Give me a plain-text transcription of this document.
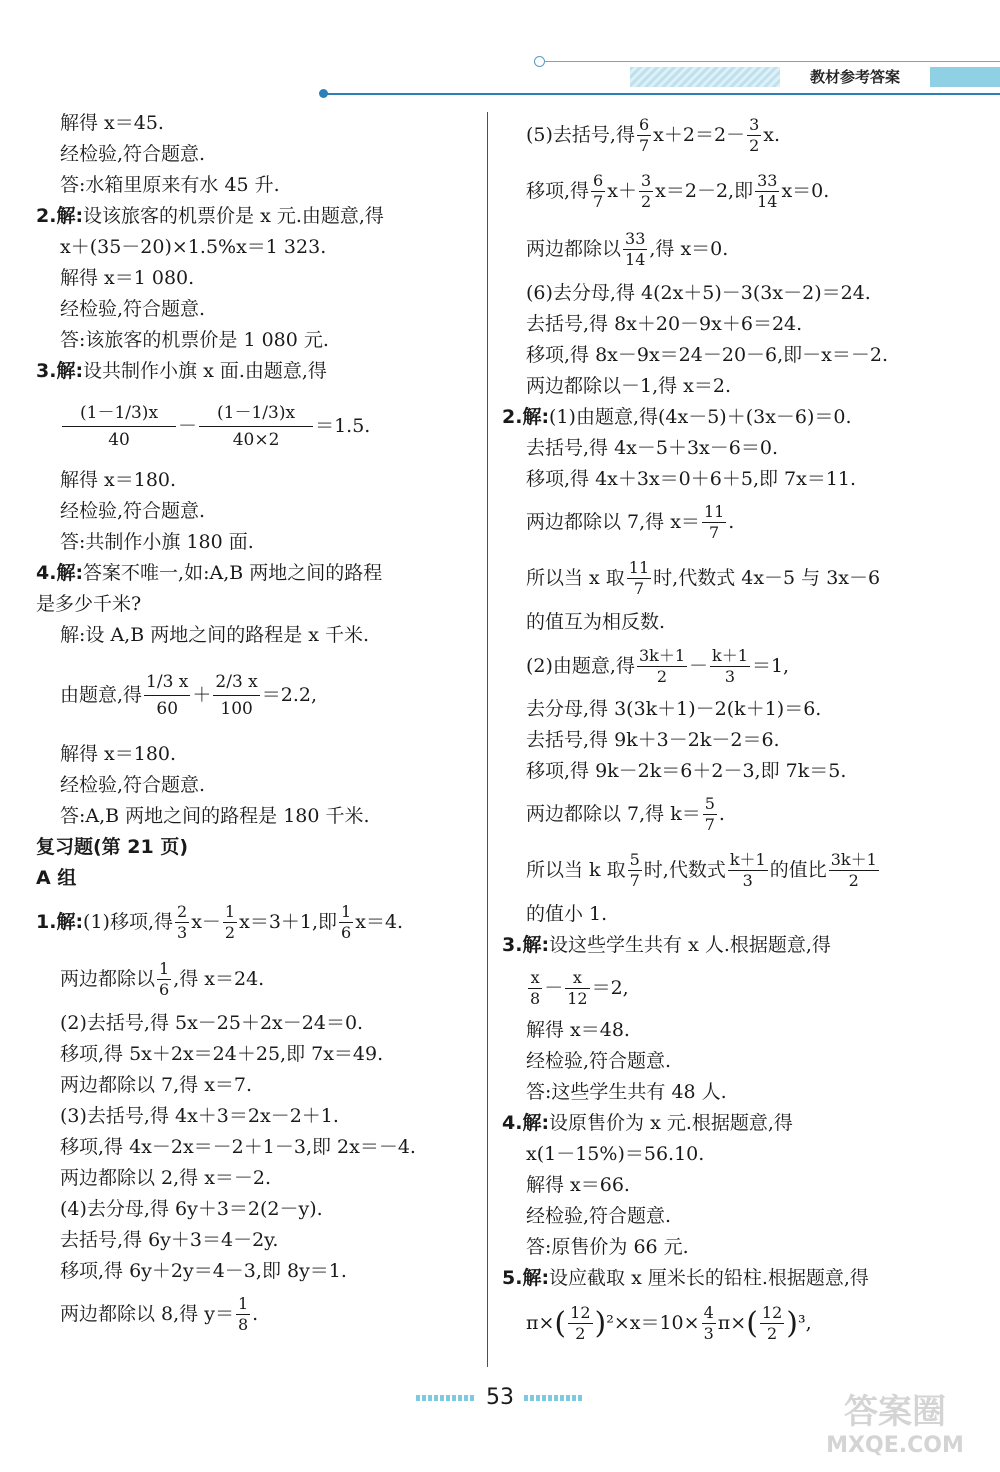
教材参考答案
解得 x＝45.
经检验,符合题意.
答:水箱里原来有水 45 升.
2.解:设该旅客的机票价是 x 元.由题意,得
x＋(35－20)×1.5%x＝1 323.
解得 x＝1 080.
经检验,符合题意.
答:该旅客的机票价是 1 080 元.
3.解:设共制作小旗 x 面.由题意,得
$\frac{(1-1/3)x}{40} - \frac{(1-1/3)x}{40\times 2} =1.5$.
解得 x＝180.
经检验,符合题意.
答:共制作小旗 180 面.
4.解:答案不唯一,如:A,B 两地之间的路程
是多少千米?
解:设 A,B 两地之间的路程是 x 千米.
由题意,得 $\frac{1/3 x}{60} + \frac{2/3 x}{100} =2.2$,
解得 x＝180.
经检验,符合题意.
答:A,B 两地之间的路程是 180 千米.
复习题(第 21 页)
A 组
1.解: (1)移项,得 $\frac{2}{3} x- \frac{1}{2} x=3+1$,即 $\frac{1}{6} x=4$.
两边都除以 $\frac{1}{6}$ ,得 x＝24.
(2)去括号,得 5x－25＋2x－24＝0.
移项,得 5x＋2x＝24＋25,即 7x＝49.
两边都除以 7,得 x＝7.
(3)去括号,得 4x＋3＝2x－2＋1.
移项,得 4x－2x＝－2＋1－3,即 2x＝－4.
两边都除以 2,得 x＝－2.
(4)去分母,得 6y＋3＝2(2－y).
去括号,得 6y＋3＝4－2y.
移项,得 6y＋2y＝4－3,即 8y＝1.
两边都除以 8,得 $y= \frac{1}{8}$ .
(5)去括号,得 $\frac{6}{7} x+2=2- \frac{3}{2} x$.
移项,得 $\frac{6}{7} x+ \frac{3}{2} x=2-2$,即 $\frac{33}{14} x=0$.
两边都除以 $\frac{33}{14}$ ,得 x＝0.
(6)去分母,得 4(2x＋5)－3(3x－2)＝24.
去括号,得 8x＋20－9x＋6＝24.
移项,得 8x－9x＝24－20－6,即－x＝－2.
两边都除以－1,得 x＝2.
2.解:(1)由题意,得(4x－5)＋(3x－6)＝0.
去括号,得 4x－5＋3x－6＝0.
移项,得 4x＋3x＝0＋6＋5,即 7x＝11.
两边都除以 7,得 $x= \frac{11}{7}$ .
所以当 x 取 $\frac{11}{7}$ 时,代数式 4x－5 与 3x－6
的值互为相反数.
(2)由题意,得 $\frac{3k+1}{2} - \frac{k+1}{3} =1$,
去分母,得 3(3k＋1)－2(k＋1)＝6.
去括号,得 9k＋3－2k－2＝6.
移项,得 9k－2k＝6＋2－3,即 7k＝5.
两边都除以 7,得 $k= \frac{5}{7}$ .
所以当 k 取 $\frac{5}{7}$ 时,代数式 $\frac{k+1}{3}$ 的值比 $\frac{3k+1}{2}$
的值小 1.
3.解:设这些学生共有 x 人.根据题意,得
$\frac{x}{8} - \frac{x}{12} =2$,
解得 x＝48.
经检验,符合题意.
答:这些学生共有 48 人.
4.解:设原售价为 x 元.根据题意,得
x(1－15%)＝56.10.
解得 x＝66.
经检验,符合题意.
答:原售价为 66 元.
5.解:设应截取 x 厘米长的铅柱.根据题意,得
π× ( $\frac{12}{2}$ ) $^2\times x=10\times \frac{4}{3} \pi\times$ ( $\frac{12}{2}$ ) ³,
53	答案圈
MXQE.COM
